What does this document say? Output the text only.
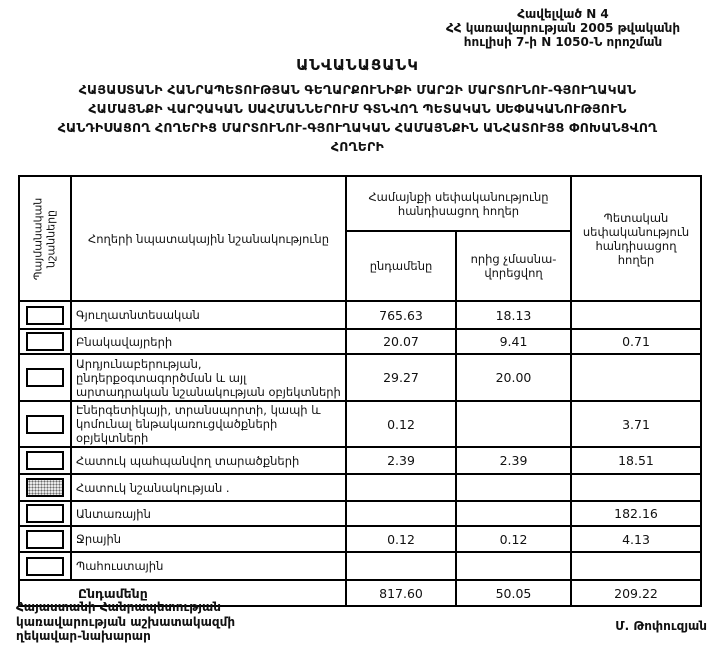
Հավելված N 4
ՀՀ կառավարության 2005 թվականի
հուլիսի 7-ի N 1050-Ն որոշման
ԱՆՎԱՆԱՑԱՆԿ
ՀԱՅԱՍՏԱՆԻ ՀԱՆՐԱՊԵՏՈՒԹՅԱՆ ԳԵՂԱՐՔՈՒՆԻՔԻ ՄԱՐԶԻ ՄԱՐՏՈՒՆՈՒ-ԳՅՈՒՂԱԿԱՆ
ՀԱՄԱՅՆՔԻ ՎԱՐՉԱԿԱՆ ՍԱՀՄԱՆՆԵՐՈՒՄ ԳՏՆՎՈՂ ՊԵՏԱԿԱՆ ՍԵՓԱԿԱՆՈՒԹՅՈՒՆ
ՀԱՆԴԻՍԱՑՈՂ ՀՈՂԵՐԻՑ ՄԱՐՏՈՒՆՈՒ-ԳՅՈՒՂԱԿԱՆ ՀԱՄԱՅՆՔԻՆ ԱՆՀԱՏՈՒՅՑ ՓՈԽԱՆՑՎՈՂ
ՀՈՂԵՐԻ
Պայմանական նշանները	Հողերի նպատակային նշանակությունը	Համայնքի սեփականությունը հանդիսացող հողեր		Պետական սեփականություն հանդիսացող հողեր
		ընդամենը	որից չմասնա-վորեցվող	

	Գյուղատնտեսական	765.63	18.13	

	Բնակավայրերի	20.07	9.41	0.71

	Արդյունաբերության, ընդերքօգտագործման և այլ արտադրական նշանակության օբյեկտների	29.27	20.00	

	Էներգետիկայի, տրանսպորտի, կապի և կոմունալ ենթակառուցվածքների օբյեկտների	0.12		3.71

	Հատուկ պահպանվող տարածքների	2.39	2.39	18.51

	Հատուկ նշանակության .			

	Անտառային			182.16

	Ջրային	0.12	0.12	4.13

	Պահուստային			
Ընդամենը		817.60	50.05	209.22
Հայաստանի Հանրապետության
կառավարության աշխատակազմի
ղեկավար-նախարար
Մ. Թոփուզյան
